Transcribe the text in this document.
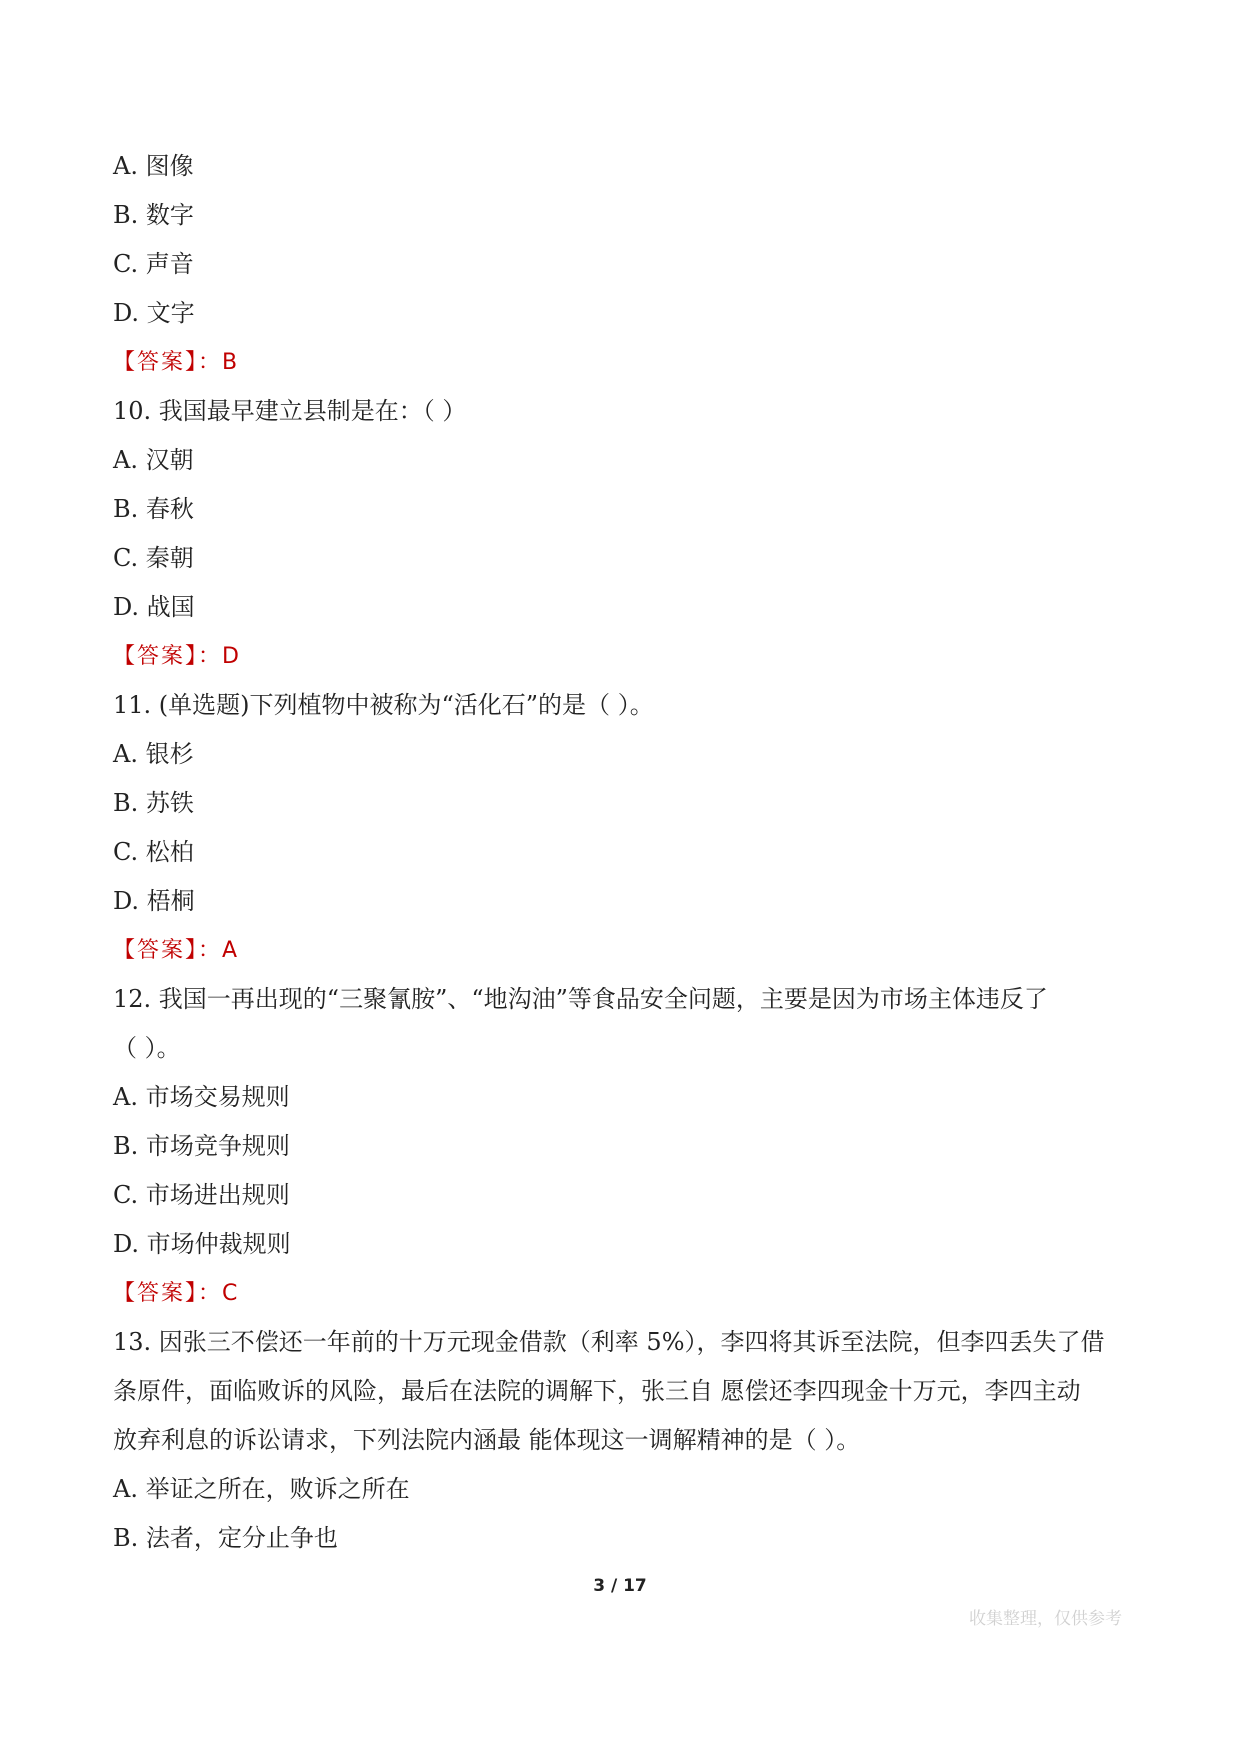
A. 图像
B. 数字
C. 声音
D. 文字
【答案】：B
10. 我国最早建立县制是在：（ ）
A. 汉朝
B. 春秋
C. 秦朝
D. 战国
【答案】：D
11. (单选题)下列植物中被称为“活化石”的是（ ）。
A. 银杉
B. 苏铁
C. 松柏
D. 梧桐
【答案】：A
12. 我国一再出现的“三聚氰胺”、“地沟油”等食品安全问题，主要是因为市场主体违反了
（ ）。
A. 市场交易规则
B. 市场竞争规则
C. 市场进出规则
D. 市场仲裁规则
【答案】：C
13. 因张三不偿还一年前的十万元现金借款（利率 5%），李四将其诉至法院，但李四丢失了借
条原件，面临败诉的风险，最后在法院的调解下，张三自 愿偿还李四现金十万元，李四主动
放弃利息的诉讼请求，下列法院内涵最 能体现这一调解精神的是（ ）。
A. 举证之所在，败诉之所在
B. 法者，定分止争也
3 / 17
收集整理，仅供参考
